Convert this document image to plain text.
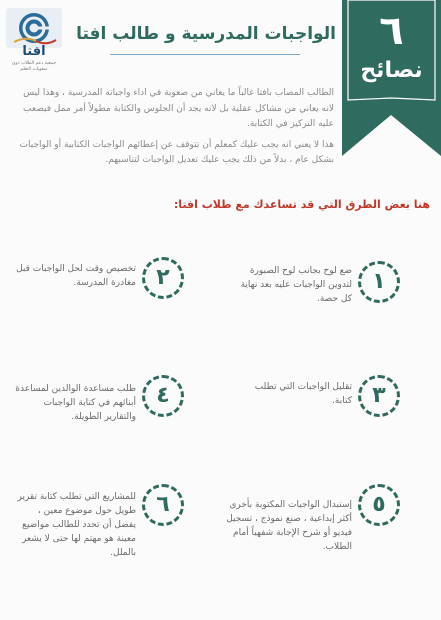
٦
نصائح
افتا
جمعية دعم الطلاب ذوي صعوبات التعلم
الواجبات المدرسية و طالب افتا

الطالب المصاب بافتا غالباً ما يعاني من صعوبة في اداء واجباته المدرسية ، وهذا ليس لانه يعاني من مشاكل عقلية بل لانه يجد أن الجلوس والكتابة مطولاً أمر ممل فيصعب عليه التركيز في الكتابة.

هذا لا يعني انه يجب عليك كمعلم أن تتوقف عن إعطائهم الواجبات الكتابية أو الواجبات بشكل عام ، بدلاً من ذلك يجب عليك تعديل الواجبات لتناسبهم.

هنا بعض الطرق التي قد تساعدك مع طلاب افتا:
١
ضع لوح بجانب لوح الصبورة لتدوين الواجبات عليه بعد نهاية كل حصة.
٢
تخصيص وقت لحل الواجبات قبل مغادرة المدرسة.
٣
تقليل الواجبات التي تطلب كتابة.
٤
طلب مساعدة الوالدين لمساعدة أبنائهم في كتابة الواجبات والتقارير الطويلة.
٥
إستبدال الواجبات المكتوبة بأخرى أكثر إبداعية ، صنع نموذج ، تسجيل فيديو أو شرح الإجابة شفهياً أمام الطلاب.
٦
للمشاريع التي تطلب كتابة تقرير طويل حول موضوع معين ، يفضل أن تحدد للطالب مواضيع معينة هو مهتم لها حتى لا يشعر بالملل.
